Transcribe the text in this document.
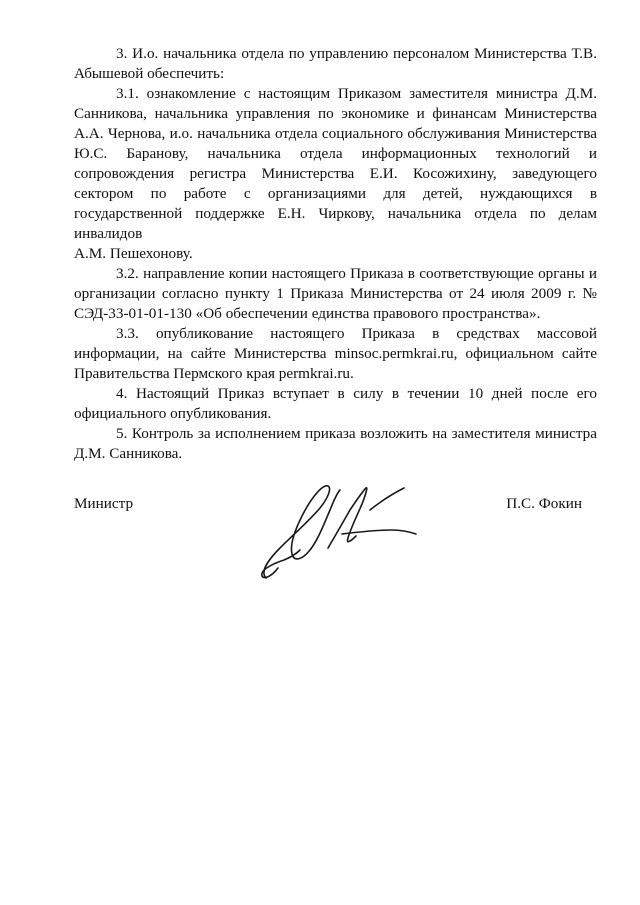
3. И.о. начальника отдела по управлению персоналом Министерства Т.В. Абышевой обеспечить:

3.1. ознакомление с настоящим Приказом заместителя министра Д.М. Санникова, начальника управления по экономике и финансам Министерства А.А. Чернова, и.о. начальника отдела социального обслуживания Министерства Ю.С. Баранову, начальника отдела информационных технологий и сопровождения регистра Министерства Е.И. Косожихину, заведующего сектором по работе с организациями для детей, нуждающихся в государственной поддержке Е.Н. Чиркову, начальника отдела по делам инвалидов

А.М. Пешехонову.

3.2. направление копии настоящего Приказа в соответствующие органы и организации согласно пункту 1 Приказа Министерства от 24 июля 2009 г. № СЭД-33-01-01-130 «Об обеспечении единства правового пространства».

3.3. опубликование настоящего Приказа в средствах массовой информации, на сайте Министерства minsoc.permkrai.ru, официальном сайте Правительства Пермского края permkrai.ru.

4. Настоящий Приказ вступает в силу в течении 10 дней после его официального опубликования.

5. Контроль за исполнением приказа возложить на заместителя министра Д.М. Санникова.

Министр	П.С. Фокин
